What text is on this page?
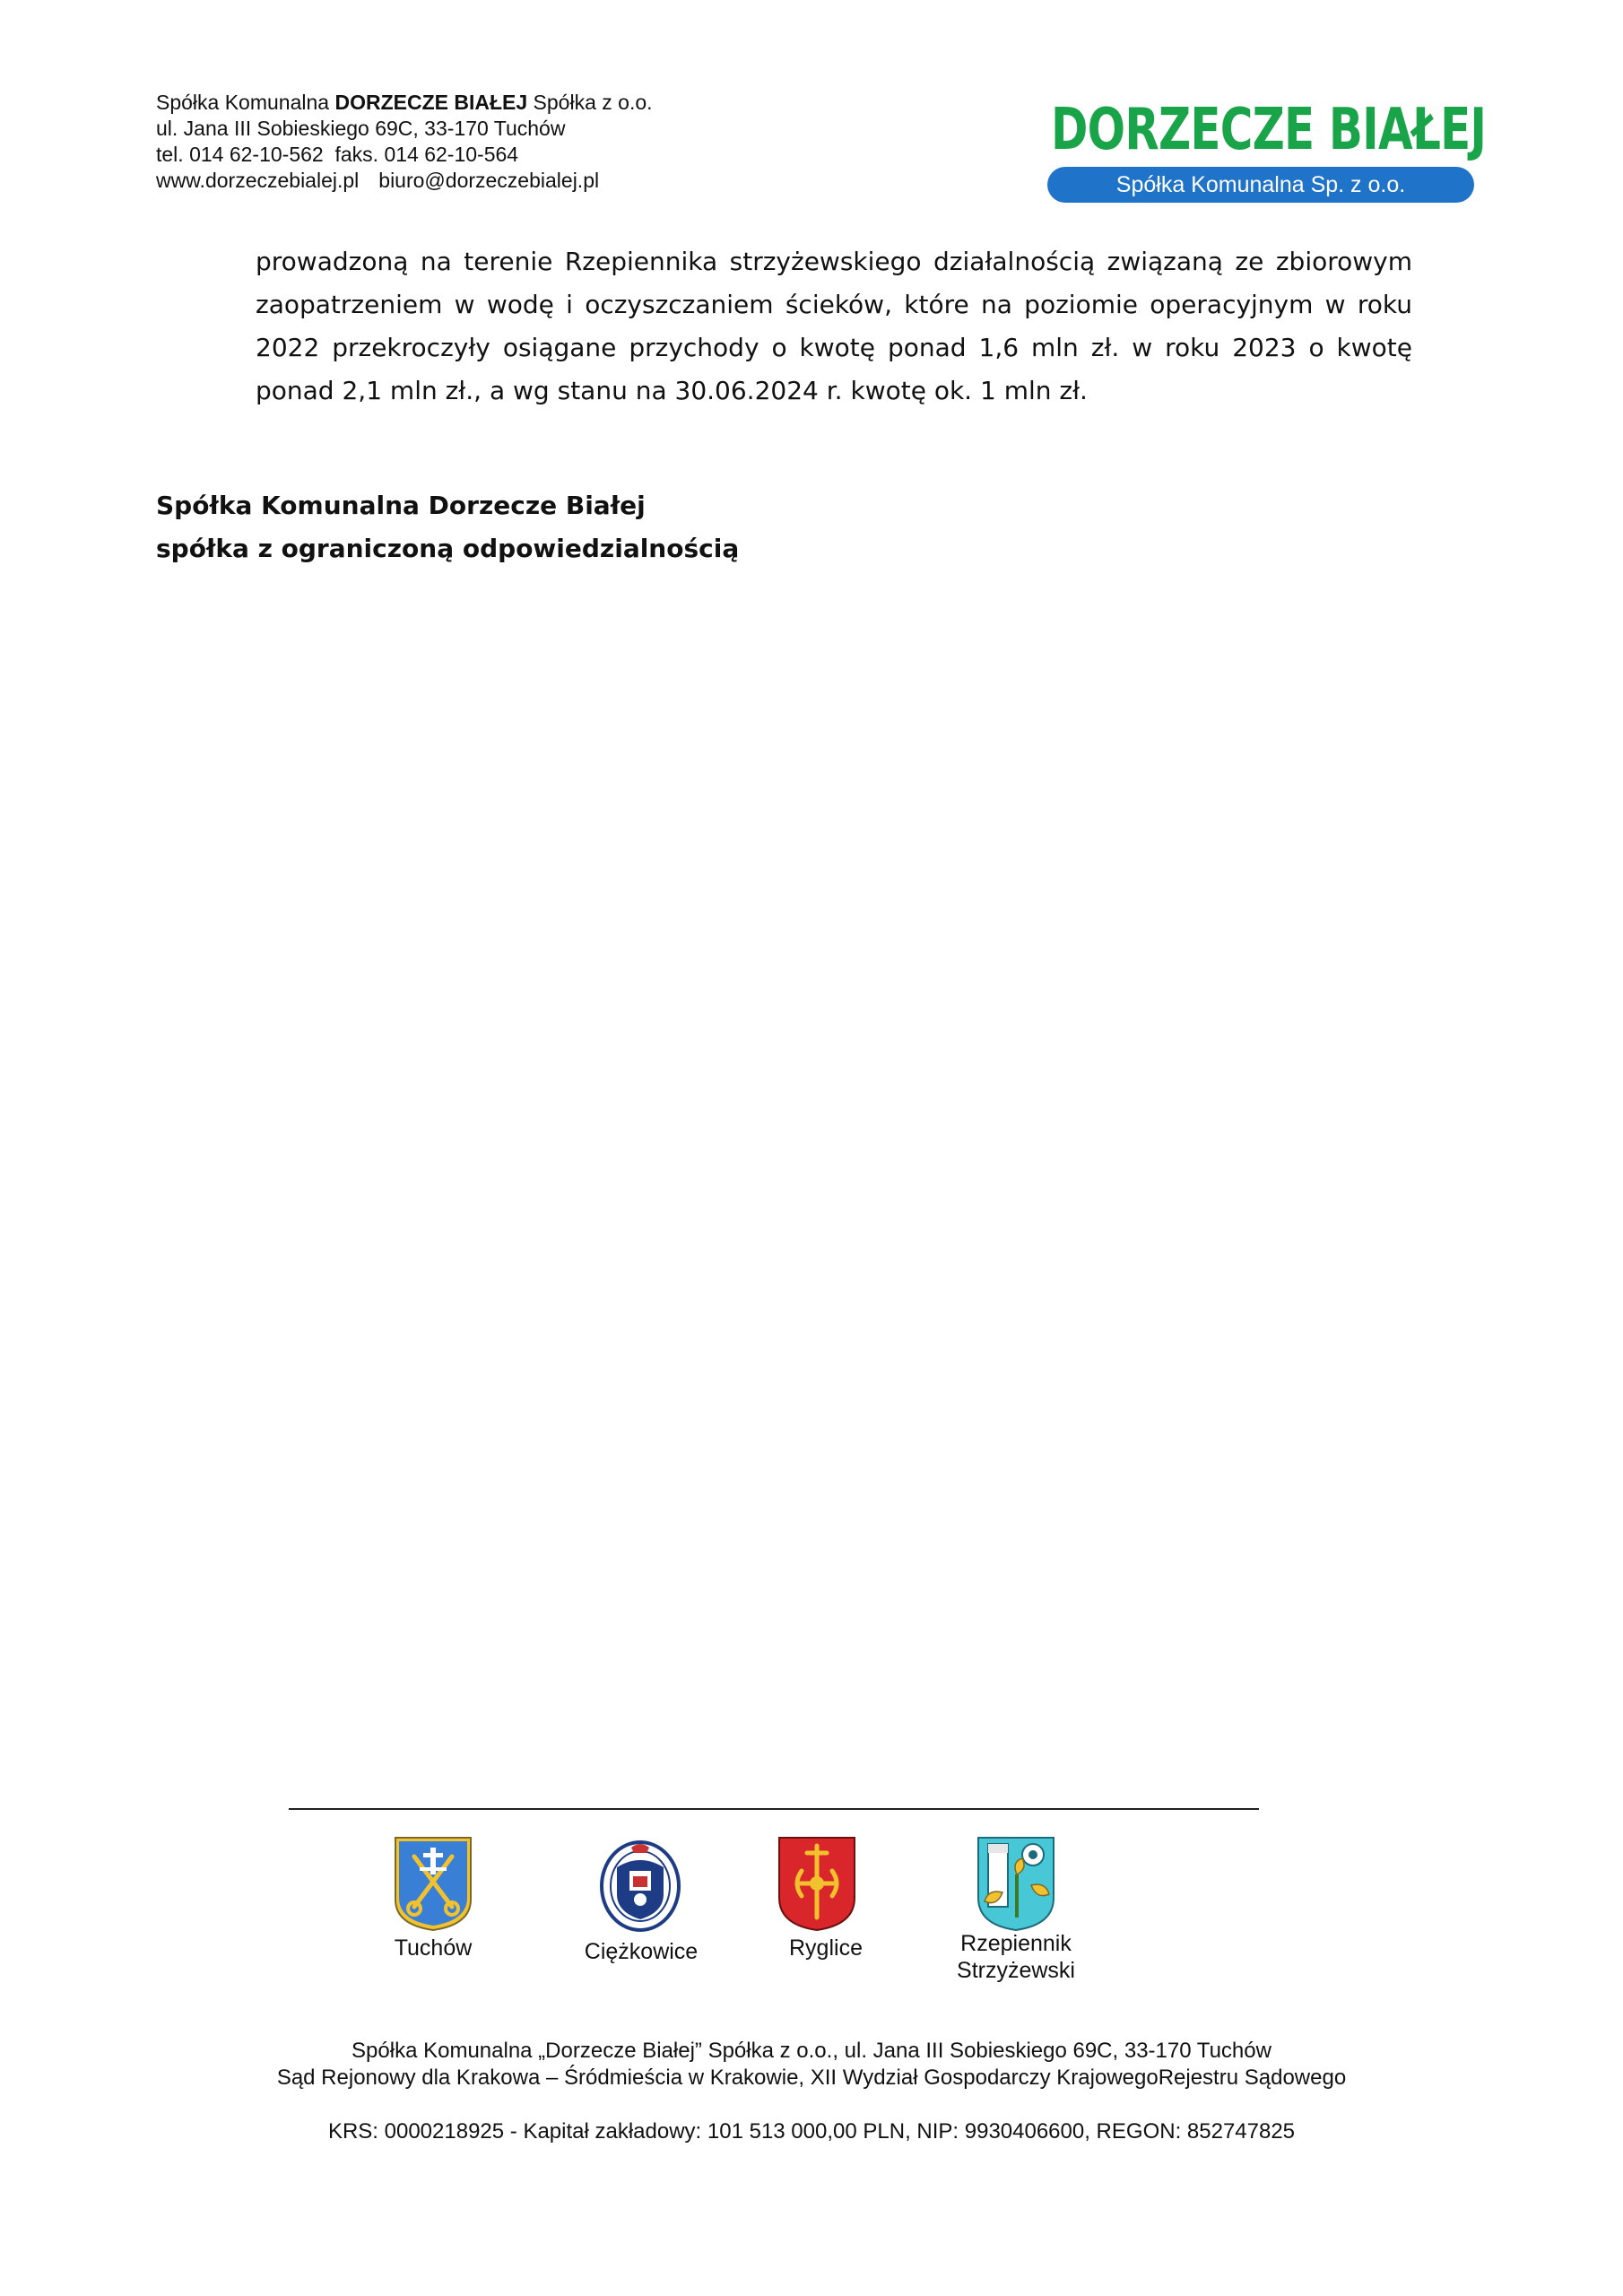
Spółka Komunalna DORZECZE BIAŁEJ Spółka z o.o.
ul. Jana III Sobieskiego 69C, 33-170 Tuchów
tel. 014 62-10-562 faks. 014 62-10-564
www.dorzeczebialej.pl biuro@dorzeczebialej.pl
DORZECZE BIAŁEJ
Spółka Komunalna Sp. z o.o.
prowadzoną na terenie Rzepiennika strzyżewskiego działalnością związaną ze zbiorowym zaopatrzeniem w wodę i oczyszczaniem ścieków, które na poziomie operacyjnym w roku 2022 przekroczyły osiągane przychody o kwotę ponad 1,6 mln zł. w roku 2023 o kwotę ponad 2,1 mln zł., a wg stanu na 30.06.2024 r. kwotę ok. 1 mln zł.
Spółka Komunalna Dorzecze Białej
spółka z ograniczoną odpowiedzialnością
Tuchów	Ciężkowice	Ryglice	Rzepiennik
Strzyżewski
Spółka Komunalna „Dorzecze Białej” Spółka z o.o., ul. Jana III Sobieskiego 69C, 33-170 Tuchów
Sąd Rejonowy dla Krakowa – Śródmieścia w Krakowie, XII Wydział Gospodarczy KrajowegoRejestru Sądowego
KRS: 0000218925 - Kapitał zakładowy: 101 513 000,00 PLN, NIP: 9930406600, REGON: 852747825
